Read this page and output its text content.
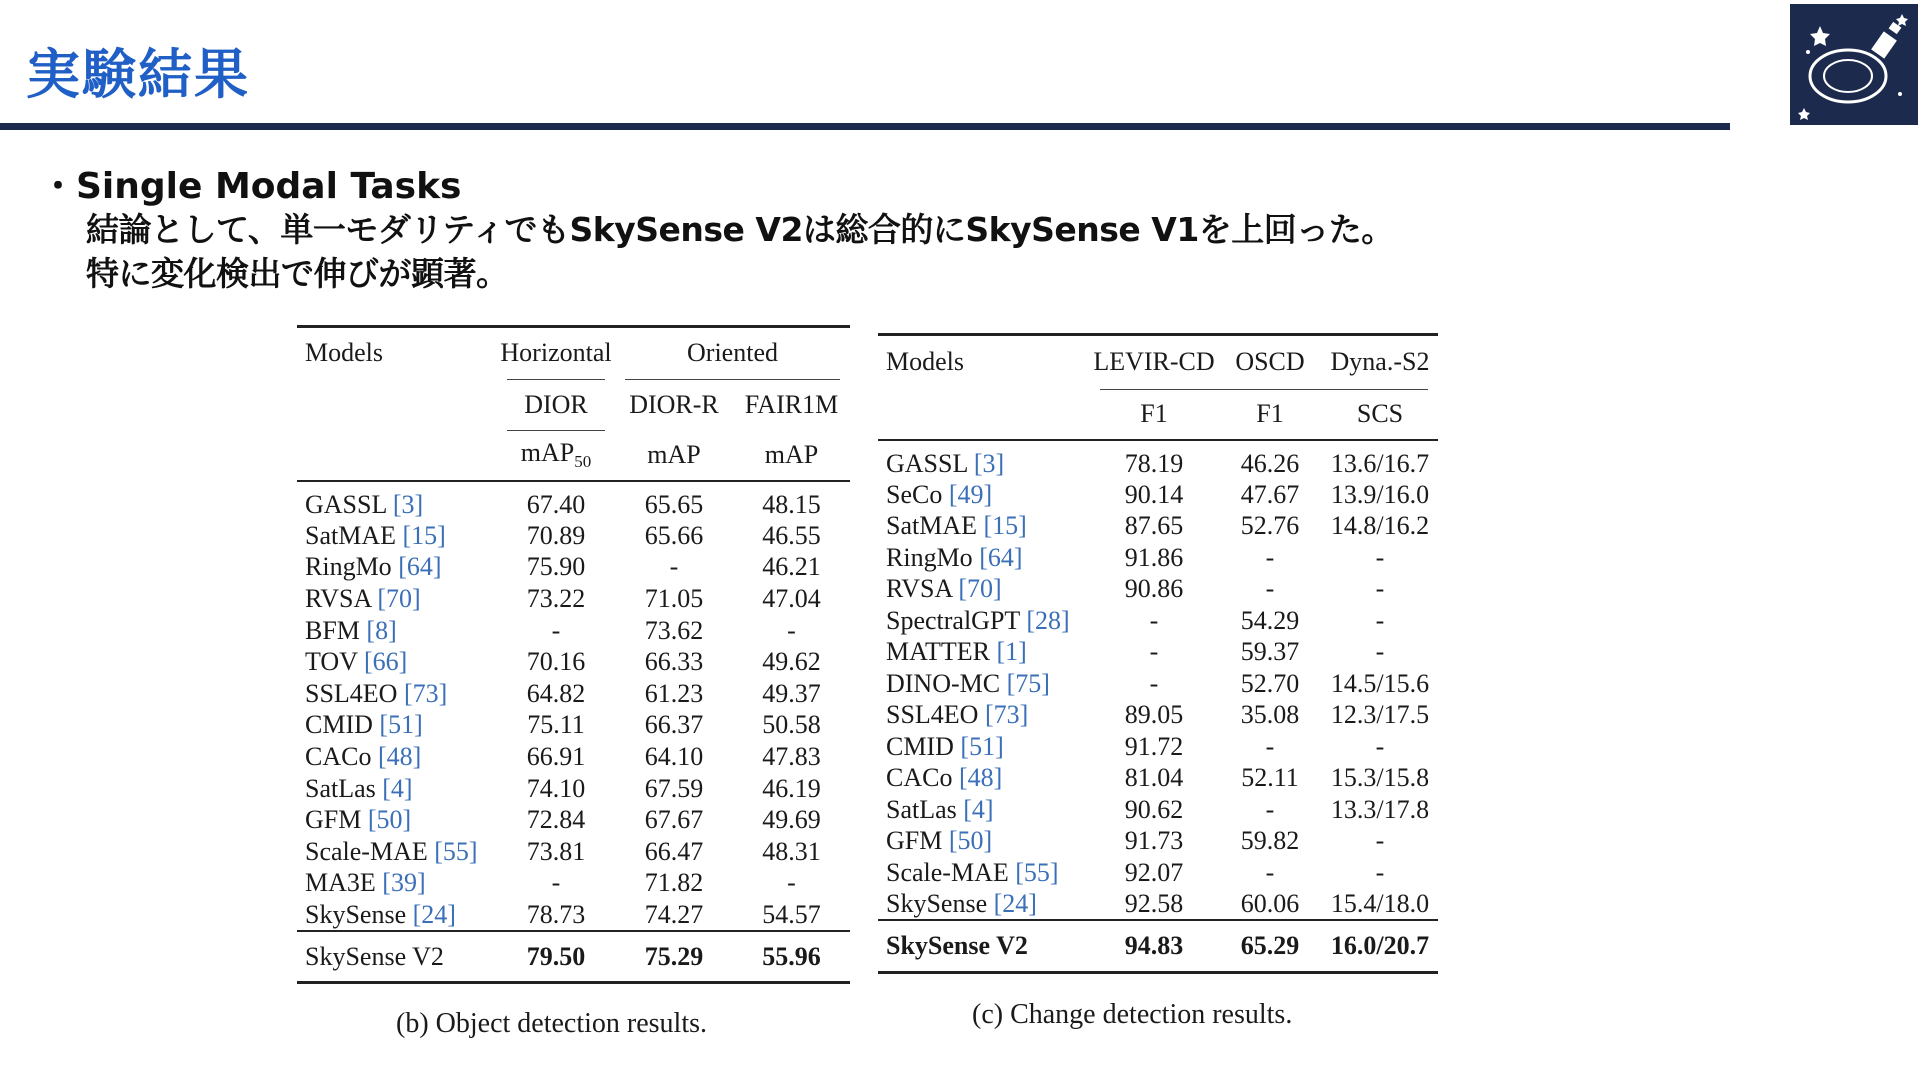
実験結果
・Single Modal Tasks
結論として、単一モダリティでもSkySense V2は総合的にSkySense V1を上回った。
特に変化検出で伸びが顕著。
Models	Horizontal	Oriented	

	DIOR	DIOR-R	FAIR1M

	mAP$_{50}$	mAP	mAP
GASSL [3]	67.40	65.65	48.15
SatMAE [15]	70.89	65.66	46.55
RingMo [64]	75.90	-	46.21
RVSA [70]	73.22	71.05	47.04
BFM [8]	-	73.62	-
TOV [66]	70.16	66.33	49.62
SSL4EO [73]	64.82	61.23	49.37
CMID [51]	75.11	66.37	50.58
CACo [48]	66.91	64.10	47.83
SatLas [4]	74.10	67.59	46.19
GFM [50]	72.84	67.67	49.69
Scale-MAE [55]	73.81	66.47	48.31
MA3E [39]	-	71.82	-
SkySense [24]	78.73	74.27	54.57
SkySense V2	79.50	75.29	55.96
(b) Object detection results.
Models	LEVIR-CD	OSCD	Dyna.-S2

	F1	F1	SCS
GASSL [3]	78.19	46.26	13.6/16.7
SeCo [49]	90.14	47.67	13.9/16.0
SatMAE [15]	87.65	52.76	14.8/16.2
RingMo [64]	91.86	-	-
RVSA [70]	90.86	-	-
SpectralGPT [28]	-	54.29	-
MATTER [1]	-	59.37	-
DINO-MC [75]	-	52.70	14.5/15.6
SSL4EO [73]	89.05	35.08	12.3/17.5
CMID [51]	91.72	-	-
CACo [48]	81.04	52.11	15.3/15.8
SatLas [4]	90.62	-	13.3/17.8
GFM [50]	91.73	59.82	-
Scale-MAE [55]	92.07	-	-
SkySense [24]	92.58	60.06	15.4/18.0
SkySense V2	94.83	65.29	16.0/20.7
(c) Change detection results.
